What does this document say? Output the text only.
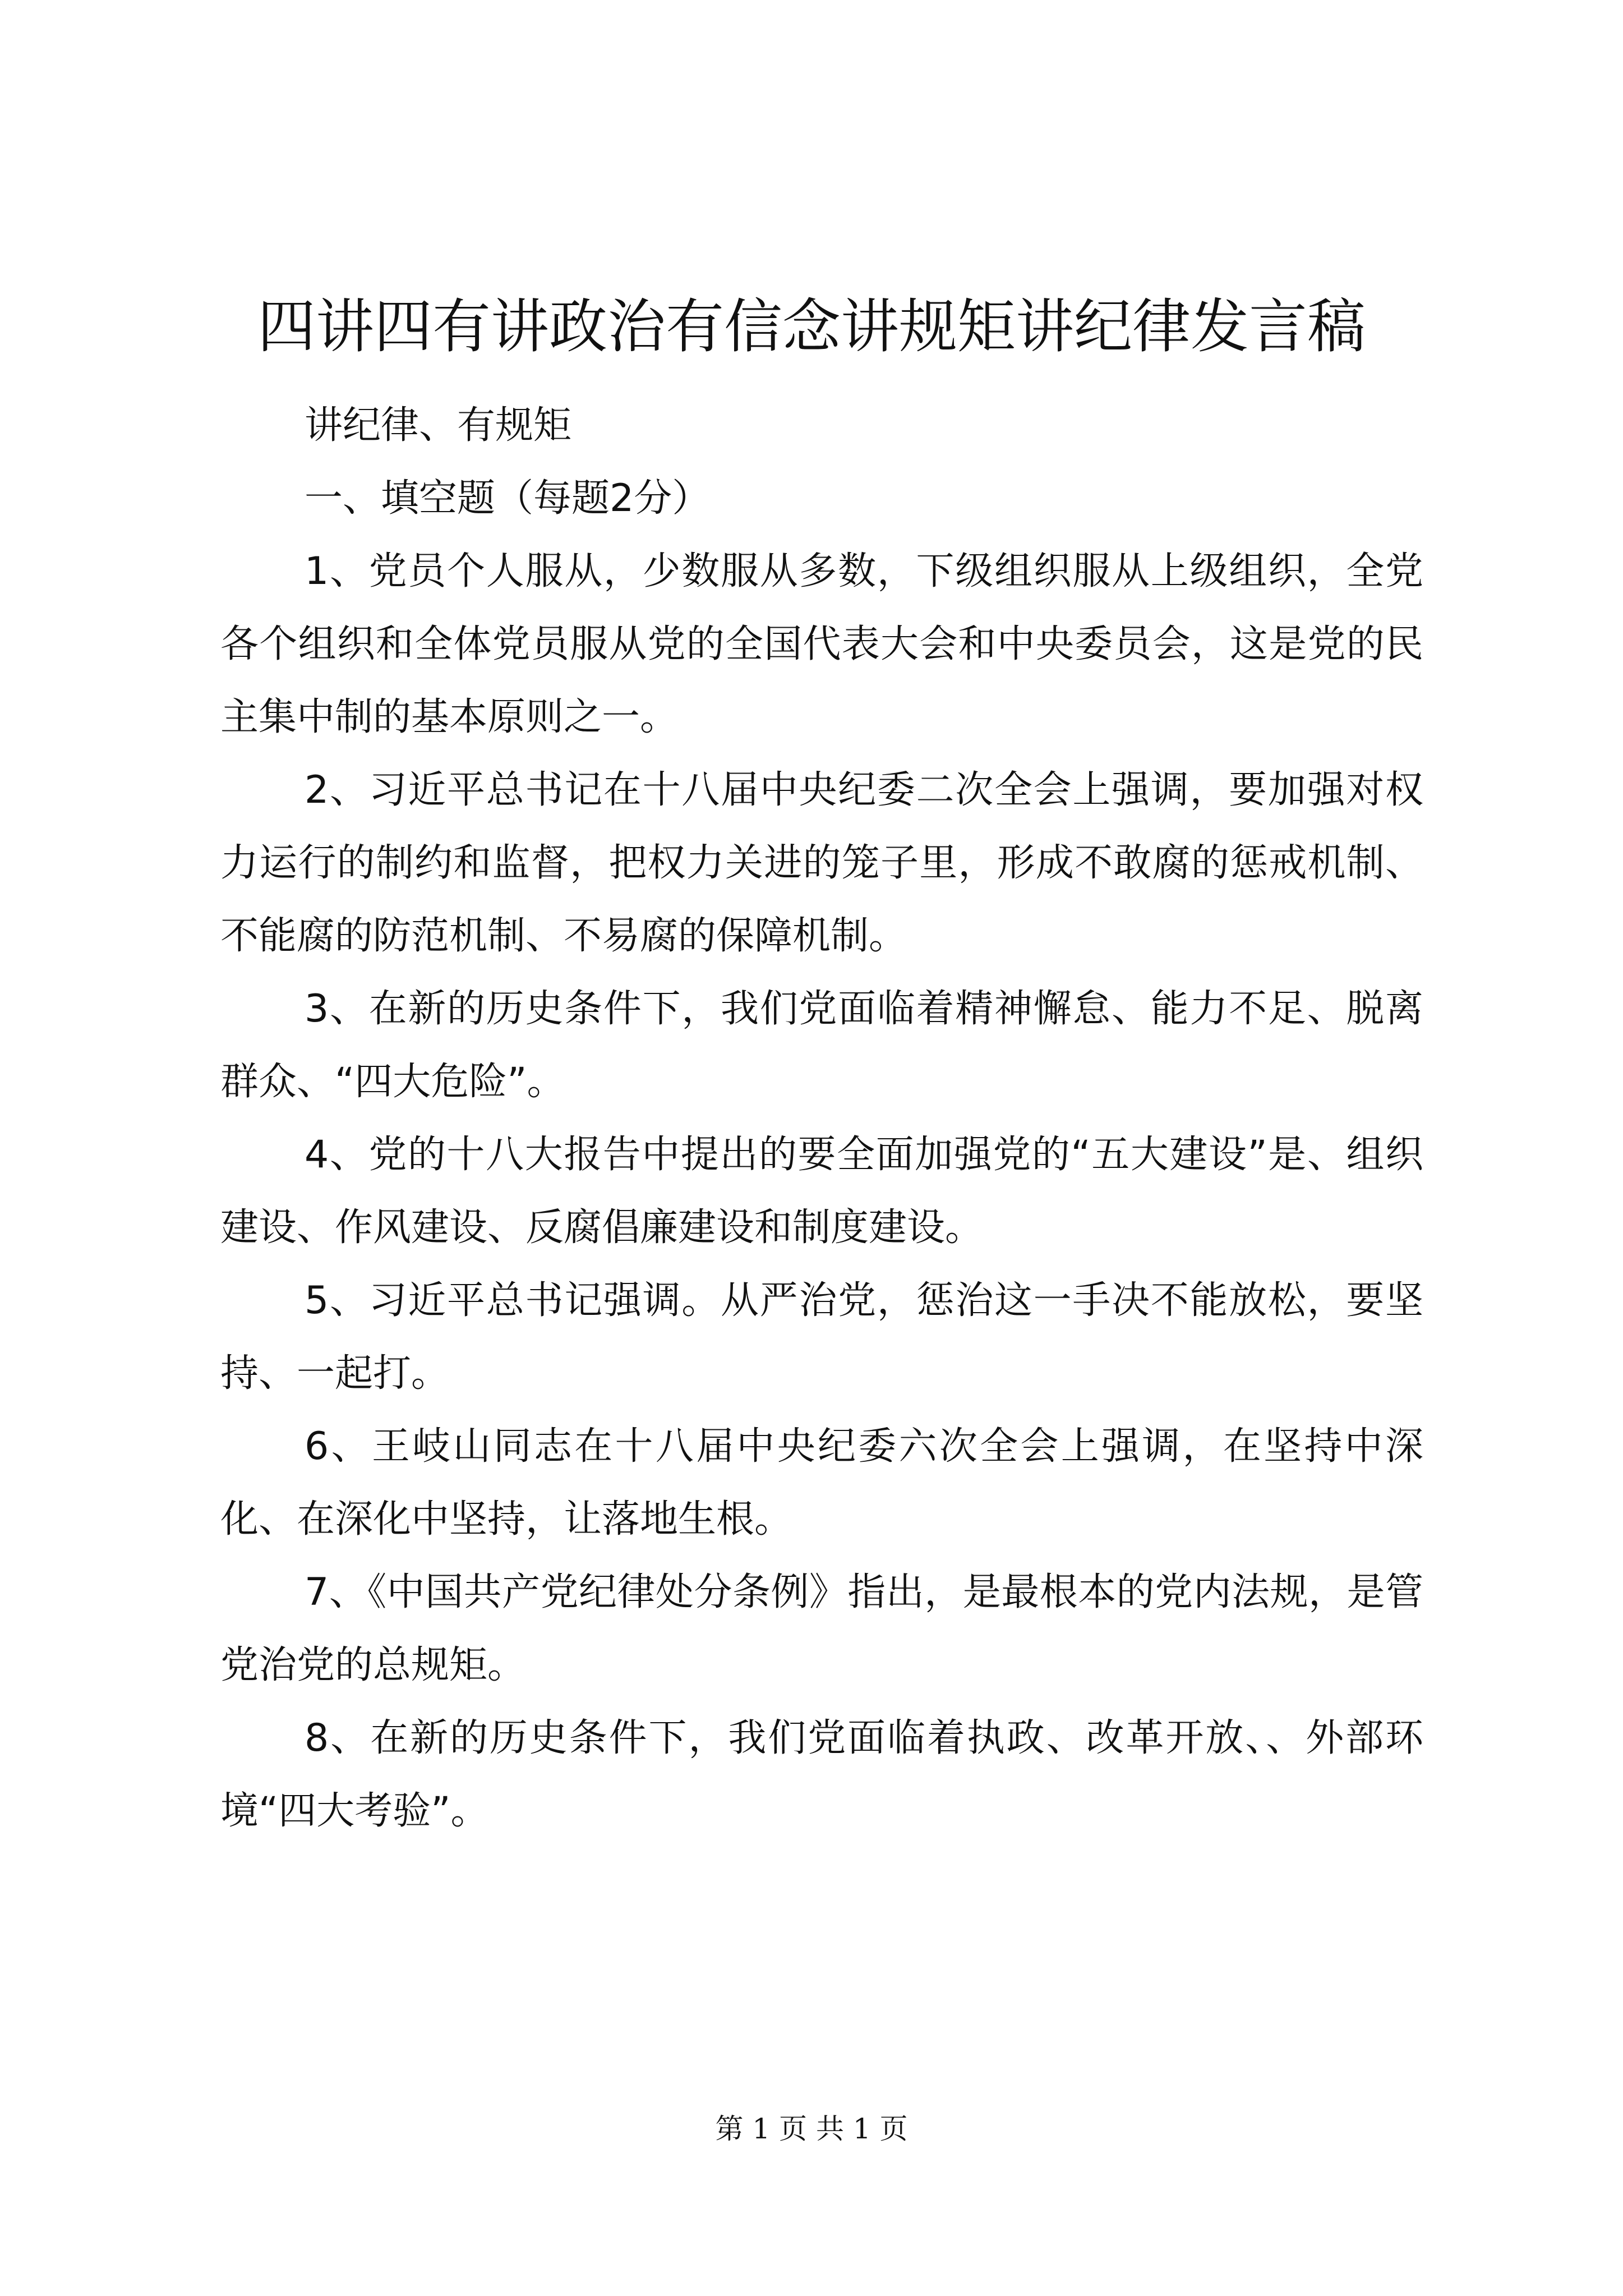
四讲四有讲政治有信念讲规矩讲纪律发言稿

讲纪律、有规矩

一、填空题（每题2分）

1、党员个人服从，少数服从多数，下级组织服从上级组织，全党各个组织和全体党员服从党的全国代表大会和中央委员会，这是党的民主集中制的基本原则之一。

2、习近平总书记在十八届中央纪委二次全会上强调，要加强对权力运行的制约和监督，把权力关进的笼子里，形成不敢腐的惩戒机制、不能腐的防范机制、不易腐的保障机制。

3、在新的历史条件下，我们党面临着精神懈怠、能力不足、脱离群众、“四大危险”。

4、党的十八大报告中提出的要全面加强党的“五大建设”是、组织建设、作风建设、反腐倡廉建设和制度建设。

5、习近平总书记强调。从严治党，惩治这一手决不能放松，要坚持、一起打。

6、王岐山同志在十八届中央纪委六次全会上强调，在坚持中深化、在深化中坚持，让落地生根。

7、《中国共产党纪律处分条例》指出，是最根本的党内法规，是管党治党的总规矩。

8、在新的历史条件下，我们党面临着执政、改革开放、、外部环境“四大考验”。

第 1 页 共 1 页
